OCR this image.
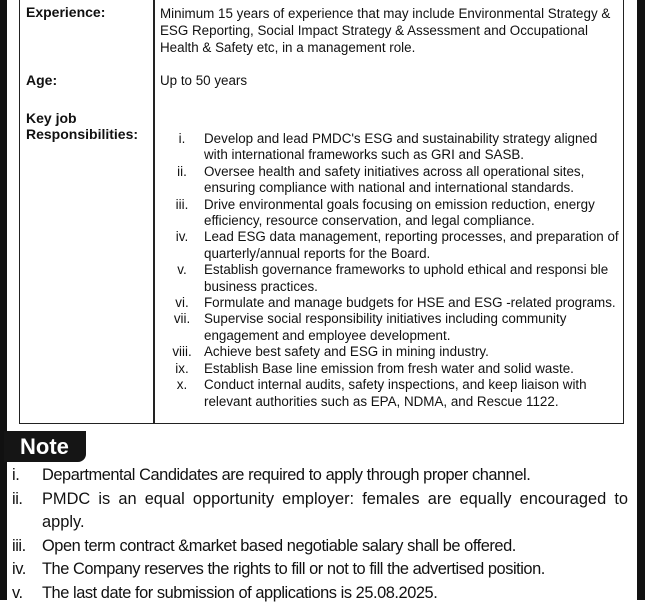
Experience:	Minimum 15 years of experience that may include Environmental Strategy & ESG Reporting, Social Impact Strategy & Assessment and Occupational Health & Safety etc, in a management role.
Age:	Up to 50 years
Key job
Responsibilities:	i.	Develop and lead PMDC's ESG and sustainability strategy aligned with international frameworks such as GRI and SASB.
ii.	Oversee health and safety initiatives across all operational sites, ensuring compliance with national and international standards.
iii.	Drive environmental goals focusing on emission reduction, energy efficiency, resource conservation, and legal compliance.
iv.	Lead ESG data management, reporting processes, and preparation of quarterly/annual reports for the Board.
v.	Establish governance frameworks to uphold ethical and responsi ble business practices.
vi.	Formulate and manage budgets for HSE and ESG -related programs.
vii.	Supervise social responsibility initiatives including community engagement and employee development.
viii. Achieve best safety and ESG in mining industry.
ix.	Establish Base line emission from fresh water and solid waste.
x.	Conduct internal audits, safety inspections, and keep liaison with relevant authorities such as EPA, NDMA, and Rescue 1122.
Note
i.	Departmental Candidates are required to apply through proper channel.
ii.	PMDC is an equal opportunity employer: females are equally encouraged to apply.
iii. Open term contract &market based negotiable salary shall be offered.
iv. The Company reserves the rights to fill or not to fill the advertised position.
v.	The last date for submission of applications is 25.08.2025.
